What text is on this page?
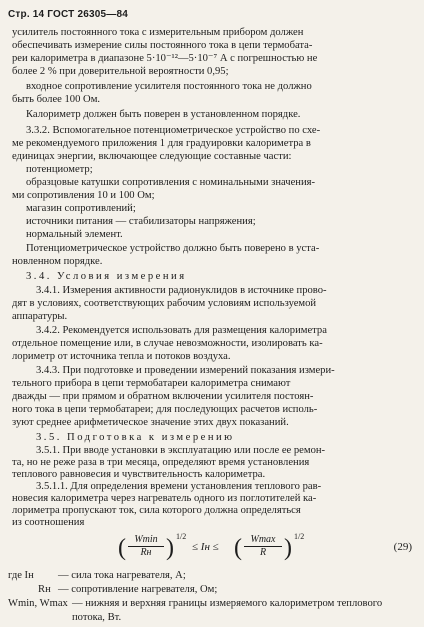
Стр. 14 ГОСТ 26305—84
усилитель постоянного тока с измерительным прибором должен
обеспечивать измерение силы постоянного тока в цепи термобата-
реи калориметра в диапазоне 5·10⁻¹²—5·10⁻⁷ А с погрешностью не
более 2 % при доверительной вероятности 0,95;
входное сопротивление усилителя постоянного тока не должно
быть более 100 Ом.
Калориметр должен быть поверен в установленном порядке.
3.3.2. Вспомогательное потенциометрическое устройство по схе-
ме рекомендуемого приложения 1 для градуировки калориметра в
единицах энергии, включающее следующие составные части:
потенциометр;
образцовые катушки сопротивления с номинальными значения-
ми сопротивления 10 и 100 Ом;
магазин сопротивлений;
источники питания — стабилизаторы напряжения;
нормальный элемент.
Потенциометрическое устройство должно быть поверено в уста-
новленном порядке.
3.4. Условия измерения
3.4.1. Измерения активности радионуклидов в источнике прово-
дят в условиях, соответствующих рабочим условиям используемой
аппаратуры.
3.4.2. Рекомендуется использовать для размещения калориметра
отдельное помещение или, в случае невозможности, изолировать ка-
лориметр от источника тепла и потоков воздуха.
3.4.3. При подготовке и проведении измерений показания измери-
тельного прибора в цепи термобатареи калориметра снимают
дважды — при прямом и обратном включении усилителя постоян-
ного тока в цепи термобатареи; для последующих расчетов исполь-
зуют среднее арифметическое значение этих двух показаний.
3.5. Подготовка к измерению
3.5.1. При вводе установки в эксплуатацию или после ее ремон-
та, но не реже раза в три месяца, определяют время установления
теплового равновесия и чувствительность калориметра.
3.5.1.1. Для определения времени установления теплового рав-
( Wmin
Rн ) 1/2
≤ Iн ≤ ( Wmax
R ) 1/2
(29)
где Iн — сила тока нагревателя, А;
Rн — сопротивление нагревателя, Ом;
Wmin, Wmax — нижняя и верхняя границы измеряемого калориметром теплового потока, Вт.
новесия калориметра через нагреватель одного из поглотителей ка-
лориметра пропускают ток, сила которого должна определяться
из соотношения
